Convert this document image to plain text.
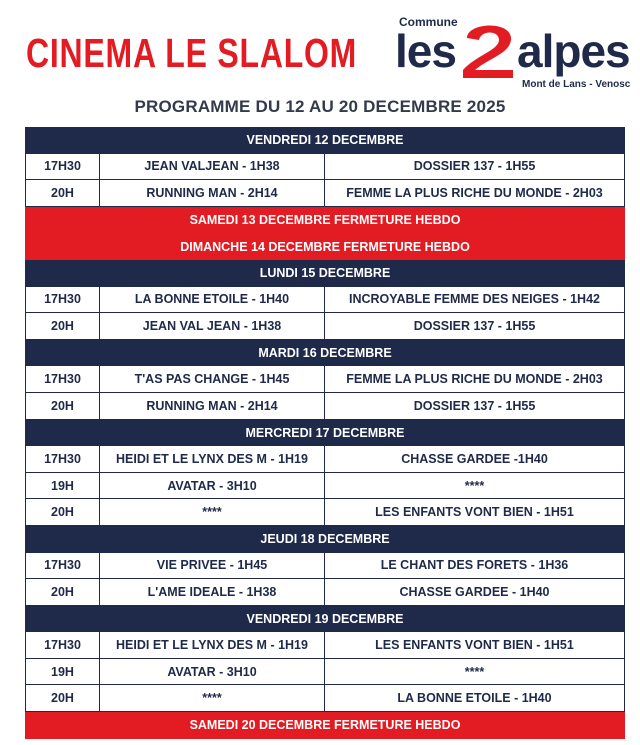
CINEMA LE SLALOM
Commune
les alpes
Mont de Lans - Venosc
PROGRAMME DU 12 AU 20 DECEMBRE 2025
VENDREDI 12 DECEMBRE
17H30	JEAN VALJEAN - 1H38	DOSSIER 137 - 1H55
20H	RUNNING MAN - 2H14	FEMME LA PLUS RICHE DU MONDE - 2H03
SAMEDI 13 DECEMBRE FERMETURE HEBDO
DIMANCHE 14 DECEMBRE FERMETURE HEBDO
LUNDI 15 DECEMBRE
17H30	LA BONNE ETOILE - 1H40	INCROYABLE FEMME DES NEIGES - 1H42
20H	JEAN VAL JEAN - 1H38	DOSSIER 137 - 1H55
MARDI 16 DECEMBRE
17H30	T'AS PAS CHANGE - 1H45	FEMME LA PLUS RICHE DU MONDE - 2H03
20H	RUNNING MAN - 2H14	DOSSIER 137 - 1H55
MERCREDI 17 DECEMBRE
17H30	HEIDI ET LE LYNX DES M - 1H19	CHASSE GARDEE -1H40
19H	AVATAR - 3H10	****
20H	****	LES ENFANTS VONT BIEN - 1H51
JEUDI 18 DECEMBRE
17H30	VIE PRIVEE - 1H45	LE CHANT DES FORETS - 1H36
20H	L'AME IDEALE - 1H38	CHASSE GARDEE - 1H40
VENDREDI 19 DECEMBRE
17H30	HEIDI ET LE LYNX DES M - 1H19	LES ENFANTS VONT BIEN - 1H51
19H	AVATAR - 3H10	****
20H	****	LA BONNE ETOILE - 1H40
SAMEDI 20 DECEMBRE FERMETURE HEBDO
